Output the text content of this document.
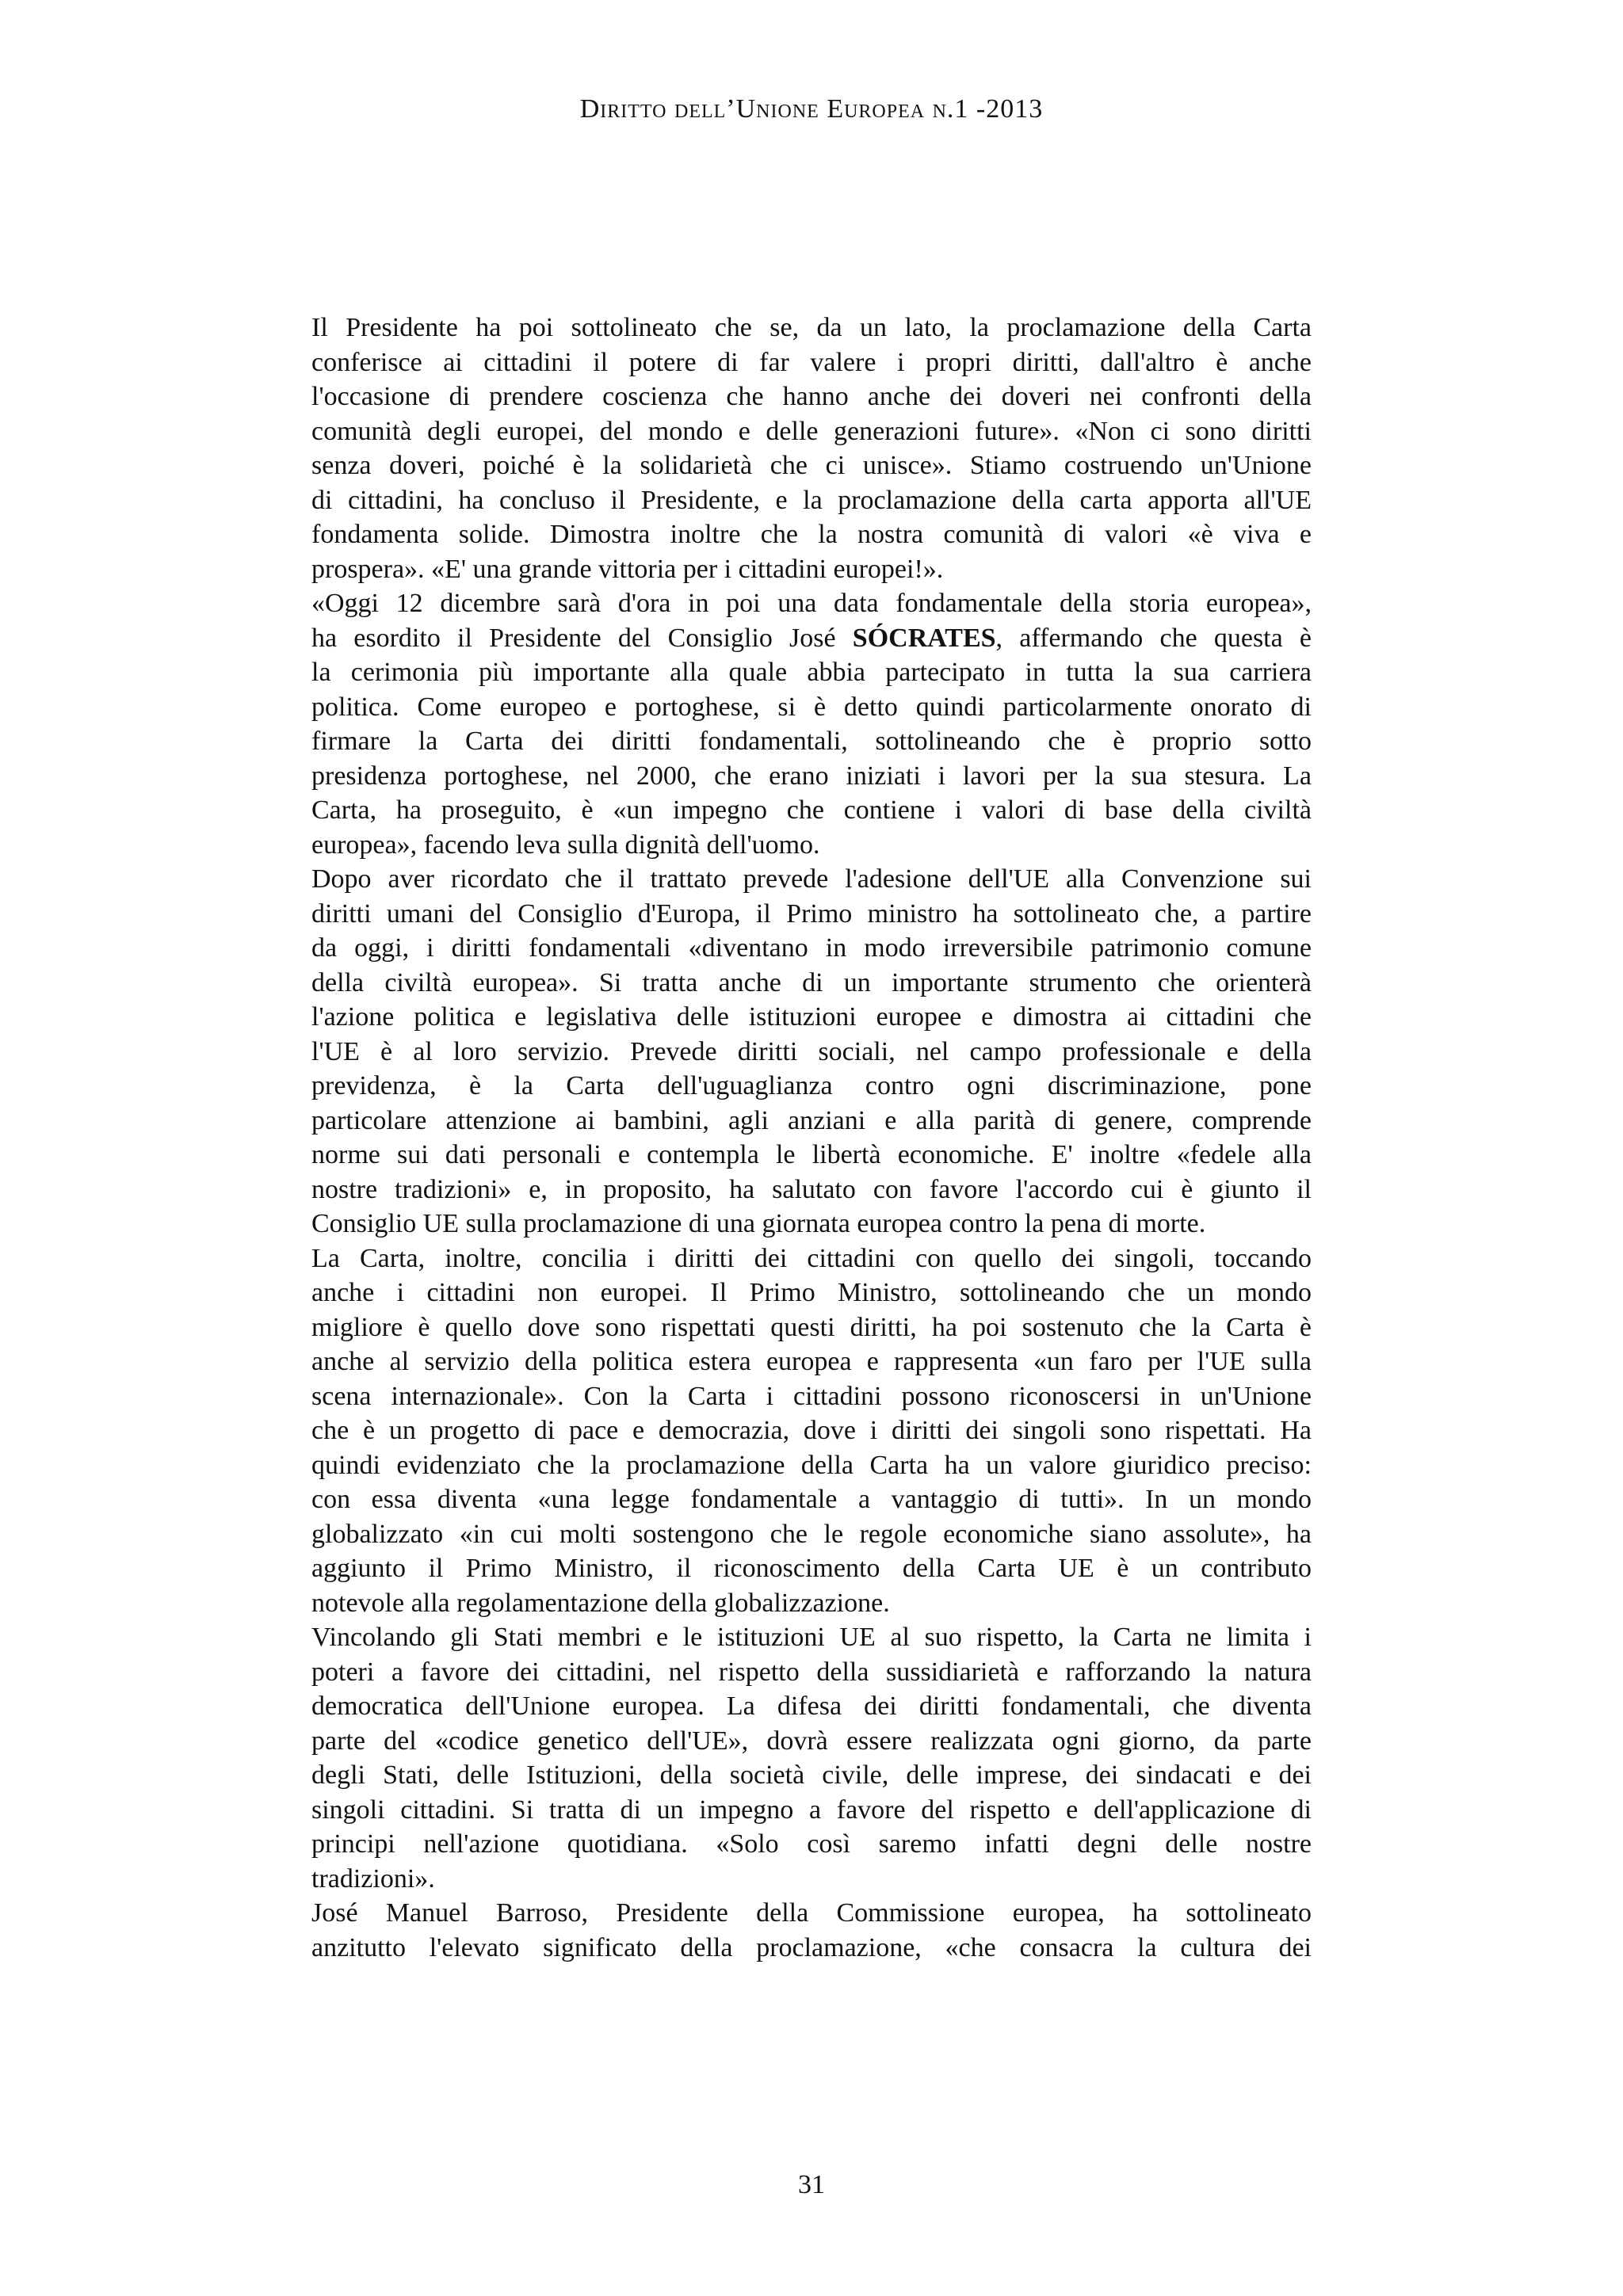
Diritto dell’Unione Europea n.1 -2013
Il Presidente ha poi sottolineato che se, da un lato, la proclamazione della Carta
conferisce ai cittadini il potere di far valere i propri diritti, dall'altro è anche
l'occasione di prendere coscienza che hanno anche dei doveri nei confronti della
comunità degli europei, del mondo e delle generazioni future». «Non ci sono diritti
senza doveri, poiché è la solidarietà che ci unisce». Stiamo costruendo un'Unione
di cittadini, ha concluso il Presidente, e la proclamazione della carta apporta all'UE
fondamenta solide. Dimostra inoltre che la nostra comunità di valori «è viva e
prospera». «E' una grande vittoria per i cittadini europei!».
«Oggi 12 dicembre sarà d'ora in poi una data fondamentale della storia europea»,
ha esordito il Presidente del Consiglio José SÓCRATES, affermando che questa è
la cerimonia più importante alla quale abbia partecipato in tutta la sua carriera
politica. Come europeo e portoghese, si è detto quindi particolarmente onorato di
firmare la Carta dei diritti fondamentali, sottolineando che è proprio sotto
presidenza portoghese, nel 2000, che erano iniziati i lavori per la sua stesura. La
Carta, ha proseguito, è «un impegno che contiene i valori di base della civiltà
europea», facendo leva sulla dignità dell'uomo.
Dopo aver ricordato che il trattato prevede l'adesione dell'UE alla Convenzione sui
diritti umani del Consiglio d'Europa, il Primo ministro ha sottolineato che, a partire
da oggi, i diritti fondamentali «diventano in modo irreversibile patrimonio comune
della civiltà europea». Si tratta anche di un importante strumento che orienterà
l'azione politica e legislativa delle istituzioni europee e dimostra ai cittadini che
l'UE è al loro servizio. Prevede diritti sociali, nel campo professionale e della
previdenza, è la Carta dell'uguaglianza contro ogni discriminazione, pone
particolare attenzione ai bambini, agli anziani e alla parità di genere, comprende
norme sui dati personali e contempla le libertà economiche. E' inoltre «fedele alla
nostre tradizioni» e, in proposito, ha salutato con favore l'accordo cui è giunto il
Consiglio UE sulla proclamazione di una giornata europea contro la pena di morte.
La Carta, inoltre, concilia i diritti dei cittadini con quello dei singoli, toccando
anche i cittadini non europei. Il Primo Ministro, sottolineando che un mondo
migliore è quello dove sono rispettati questi diritti, ha poi sostenuto che la Carta è
anche al servizio della politica estera europea e rappresenta «un faro per l'UE sulla
scena internazionale». Con la Carta i cittadini possono riconoscersi in un'Unione
che è un progetto di pace e democrazia, dove i diritti dei singoli sono rispettati. Ha
quindi evidenziato che la proclamazione della Carta ha un valore giuridico preciso:
con essa diventa «una legge fondamentale a vantaggio di tutti». In un mondo
globalizzato «in cui molti sostengono che le regole economiche siano assolute», ha
aggiunto il Primo Ministro, il riconoscimento della Carta UE è un contributo
notevole alla regolamentazione della globalizzazione.
Vincolando gli Stati membri e le istituzioni UE al suo rispetto, la Carta ne limita i
poteri a favore dei cittadini, nel rispetto della sussidiarietà e rafforzando la natura
democratica dell'Unione europea. La difesa dei diritti fondamentali, che diventa
parte del «codice genetico dell'UE», dovrà essere realizzata ogni giorno, da parte
degli Stati, delle Istituzioni, della società civile, delle imprese, dei sindacati e dei
singoli cittadini. Si tratta di un impegno a favore del rispetto e dell'applicazione di
principi nell'azione quotidiana. «Solo così saremo infatti degni delle nostre
tradizioni».
José Manuel Barroso, Presidente della Commissione europea, ha sottolineato
anzitutto l'elevato significato della proclamazione, «che consacra la cultura dei
31
